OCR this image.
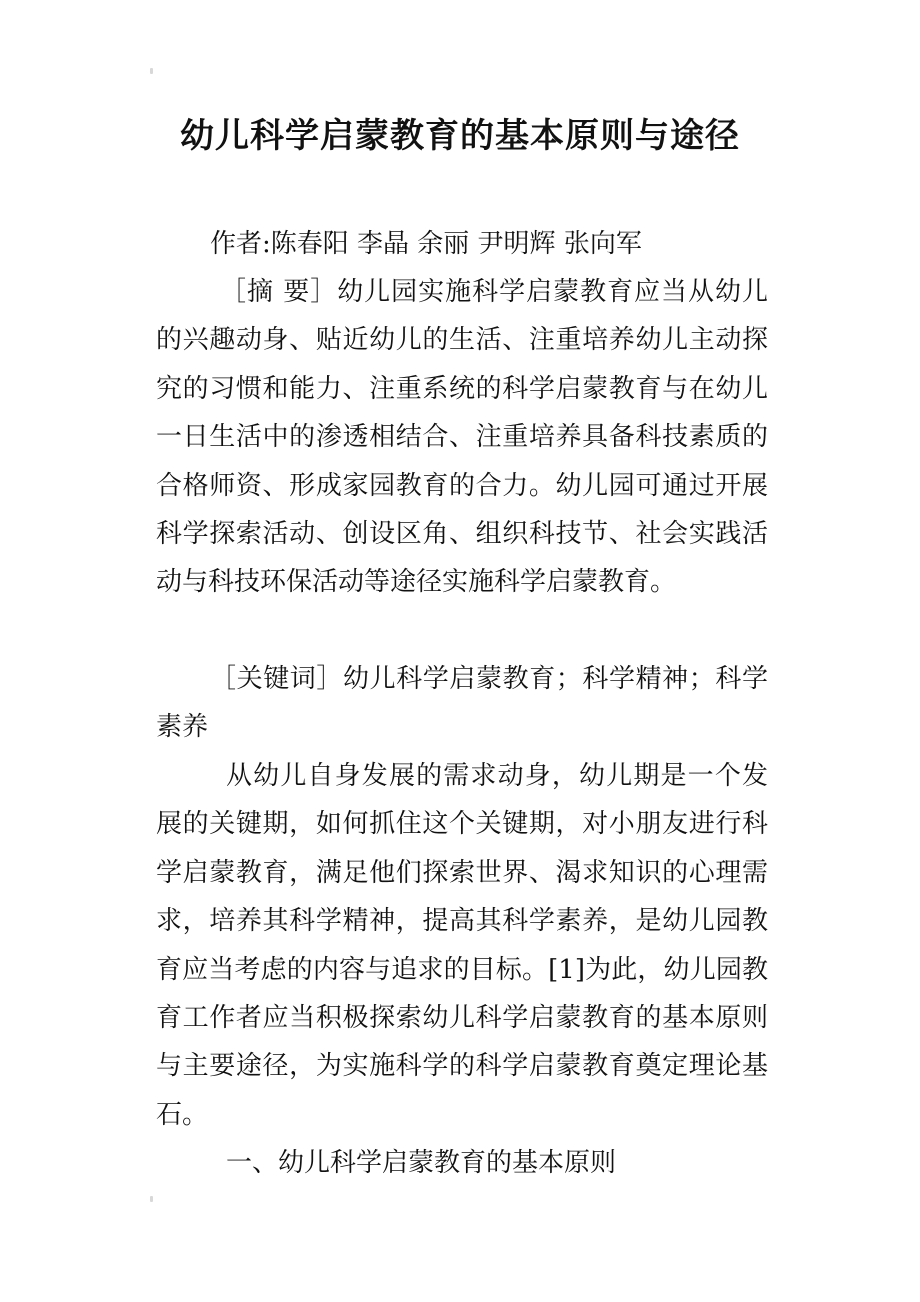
幼儿科学启蒙教育的基本原则与途径

作者:陈春阳 李晶 余丽 尹明辉 张向军

［摘 要］幼儿园实施科学启蒙教育应当从幼儿的兴趣动身、贴近幼儿的生活、注重培养幼儿主动探究的习惯和能力、注重系统的科学启蒙教育与在幼儿一日生活中的渗透相结合、注重培养具备科技素质的合格师资、形成家园教育的合力。幼儿园可通过开展科学探索活动、创设区角、组织科技节、社会实践活动与科技环保活动等途径实施科学启蒙教育。

［关键词］幼儿科学启蒙教育；科学精神；科学素养

从幼儿自身发展的需求动身，幼儿期是一个发展的关键期，如何抓住这个关键期，对小朋友进行科学启蒙教育，满足他们探索世界、渴求知识的心理需求，培养其科学精神，提高其科学素养，是幼儿园教育应当考虑的内容与追求的目标。[1]为此，幼儿园教育工作者应当积极探索幼儿科学启蒙教育的基本原则与主要途径，为实施科学的科学启蒙教育奠定理论基石。

一、幼儿科学启蒙教育的基本原则
